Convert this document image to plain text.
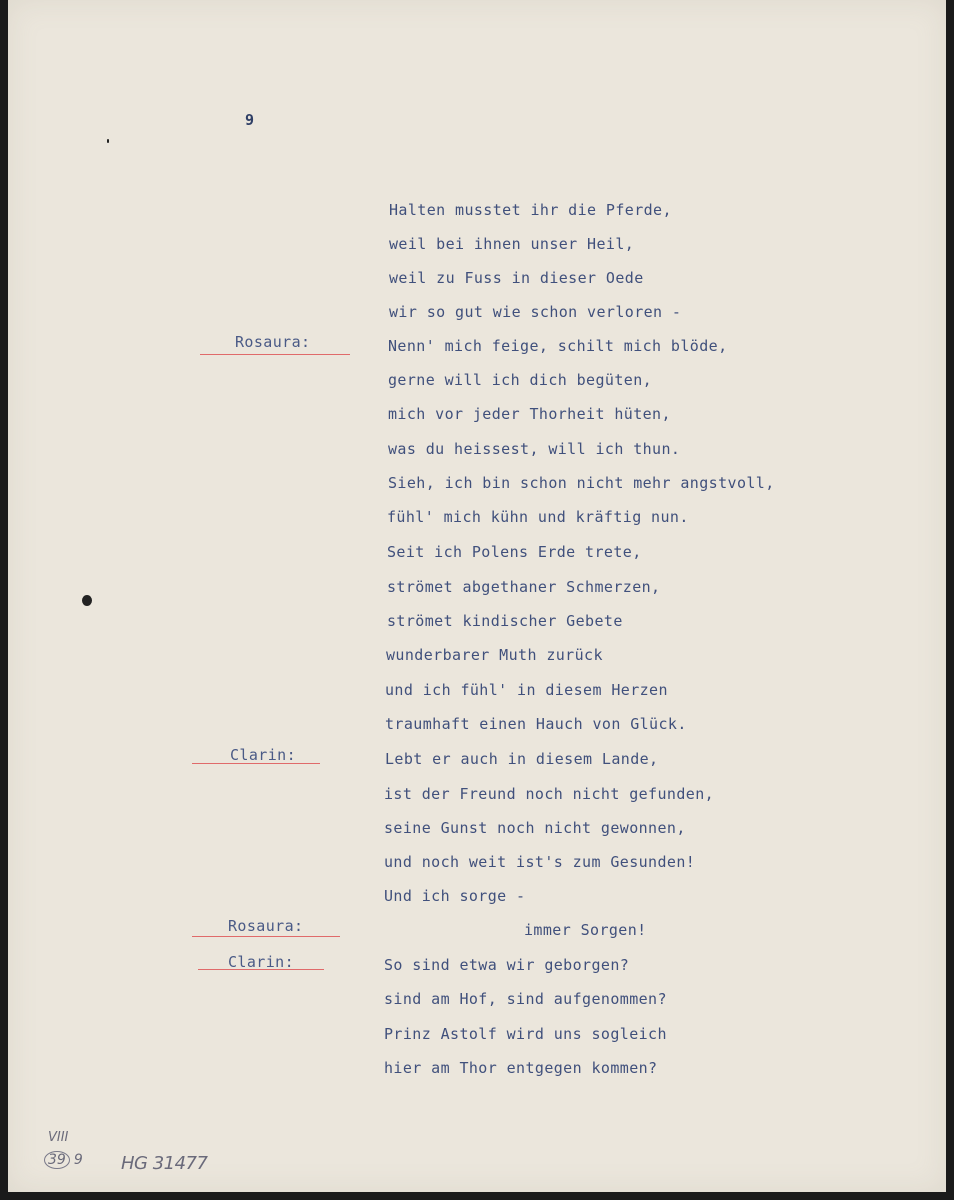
9
Rosaura:
Clarin:
Rosaura:
Clarin:
Halten musstet ihr die Pferde,
weil bei ihnen unser Heil,
weil zu Fuss in dieser Oede
wir so gut wie schon verloren -
Nenn' mich feige, schilt mich blöde,
gerne will ich dich begüten,
mich vor jeder Thorheit hüten,
was du heissest, will ich thun.
Sieh, ich bin schon nicht mehr angstvoll,
fühl' mich kühn und kräftig nun.
Seit ich Polens Erde trete,
strömet abgethaner Schmerzen,
strömet kindischer Gebete
wunderbarer Muth zurück
und ich fühl' in diesem Herzen
traumhaft einen Hauch von Glück.
Lebt er auch in diesem Lande,
ist der Freund noch nicht gefunden,
seine Gunst noch nicht gewonnen,
und noch weit ist's zum Gesunden!
Und ich sorge -
immer Sorgen!
So sind etwa wir geborgen?
sind am Hof, sind aufgenommen?
Prinz Astolf wird uns sogleich
hier am Thor entgegen kommen?
VIII
39 9 HG 31477
